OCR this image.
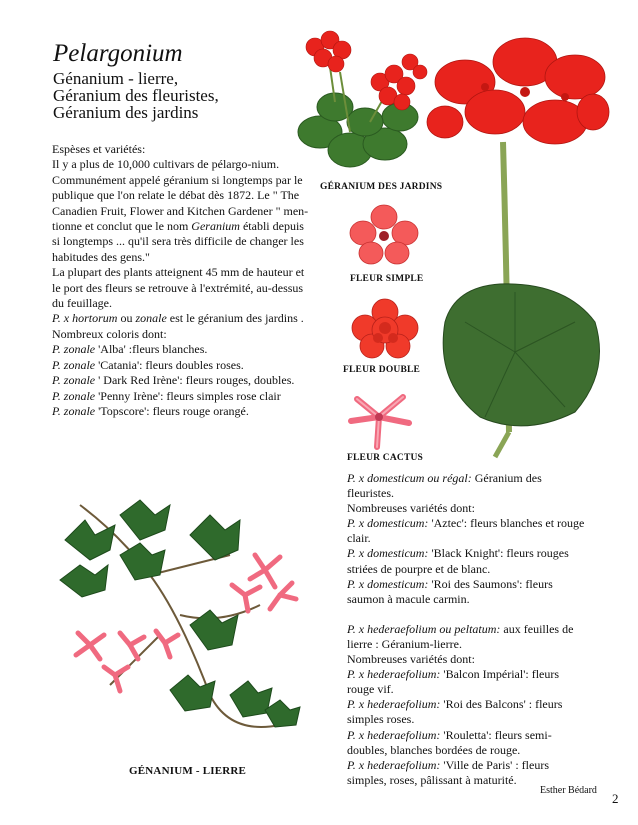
Pelargonium
Génanium - lierre,
Géranium des fleuristes,
Géranium des jardins

Espèses et variétés:

Il y a plus de 10,000 cultivars de pélargo-nium. Communément appelé géranium si longtemps par le publique que l'on relate le débat dès 1872. Le " The Canadien Fruit, Flower and Kitchen Gardener " men-tionne et conclut que le nom Geranium établi depuis si longtemps ... qu'il sera très difficile de changer les habitudes des gens."

La plupart des plants atteignent 45 mm de hauteur et le port des fleurs se retrouve à l'extrémité, au-dessus du feuillage.

P. x hortorum ou zonale est le géranium des jardins . Nombreux coloris dont:

P. zonale 'Alba' :fleurs blanches.

P. zonale 'Catania': fleurs doubles roses.

P. zonale ' Dark Red Irène': fleurs rouges, doubles.

P. zonale 'Penny Irène': fleurs simples rose clair

P. zonale 'Topscore': fleurs rouge orangé.

P. x domesticum ou régal: Géranium des fleuristes.

Nombreuses variétés dont:

P. x domesticum: 'Aztec': fleurs blanches et rouge clair.

P. x domesticum: 'Black Knight': fleurs rouges striées de pourpre et de blanc.

P. x domesticum: 'Roi des Saumons': fleurs saumon à macule carmin.

P. x hederaefolium ou peltatum: aux feuilles de lierre : Géranium-lierre.

Nombreuses variétés dont:

P. x hederaefolium: 'Balcon Impérial': fleurs rouge vif.

P. x hederaefolium: 'Roi des Balcons' : fleurs simples roses.

P. x hederaefolium: 'Rouletta': fleurs semi-doubles, blanches bordées de rouge.

P. x hederaefolium: 'Ville de Paris' : fleurs simples, roses, pâlissant à maturité.

GÉRANIUM DES JARDINS
FLEUR SIMPLE
FLEUR DOUBLE
FLEUR CACTUS
GÉNANIUM - LIERRE
Esther Bédard
2
